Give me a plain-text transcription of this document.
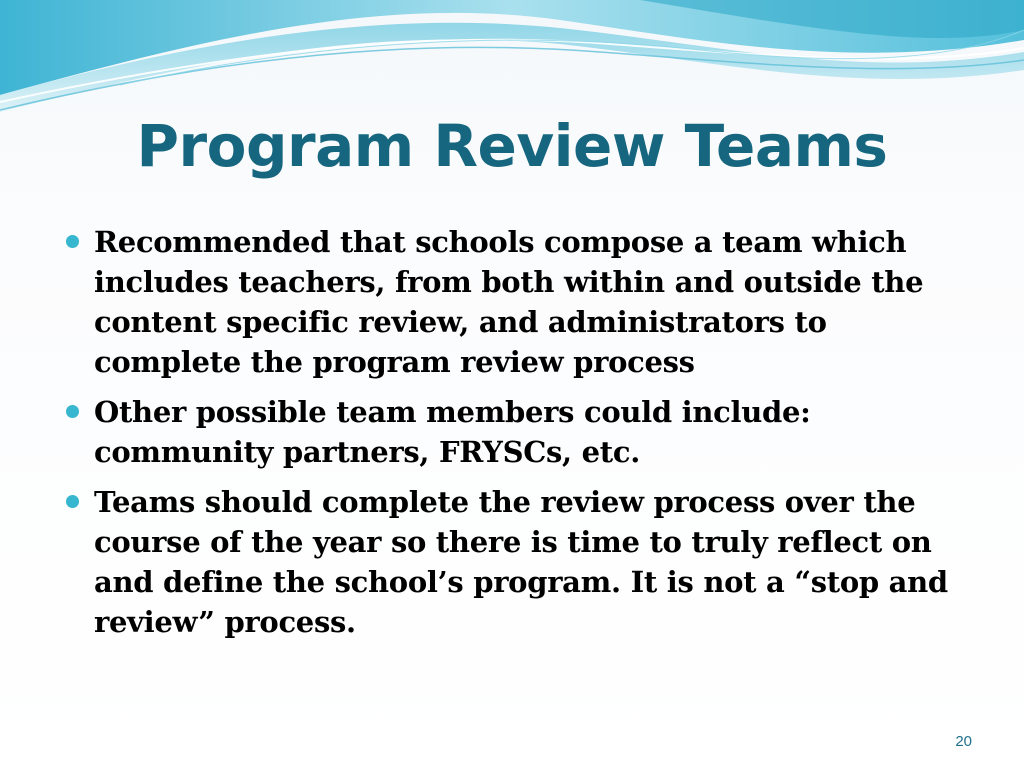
Program Review Teams
Recommended that schools compose a team which includes teachers, from both within and outside the content specific review, and administrators to complete the program review process
Other possible team members could include: community partners, FRYSCs, etc.
Teams should complete the review process over the course of the year so there is time to truly reflect on and define the school’s program. It is not a “stop and review” process.
20
